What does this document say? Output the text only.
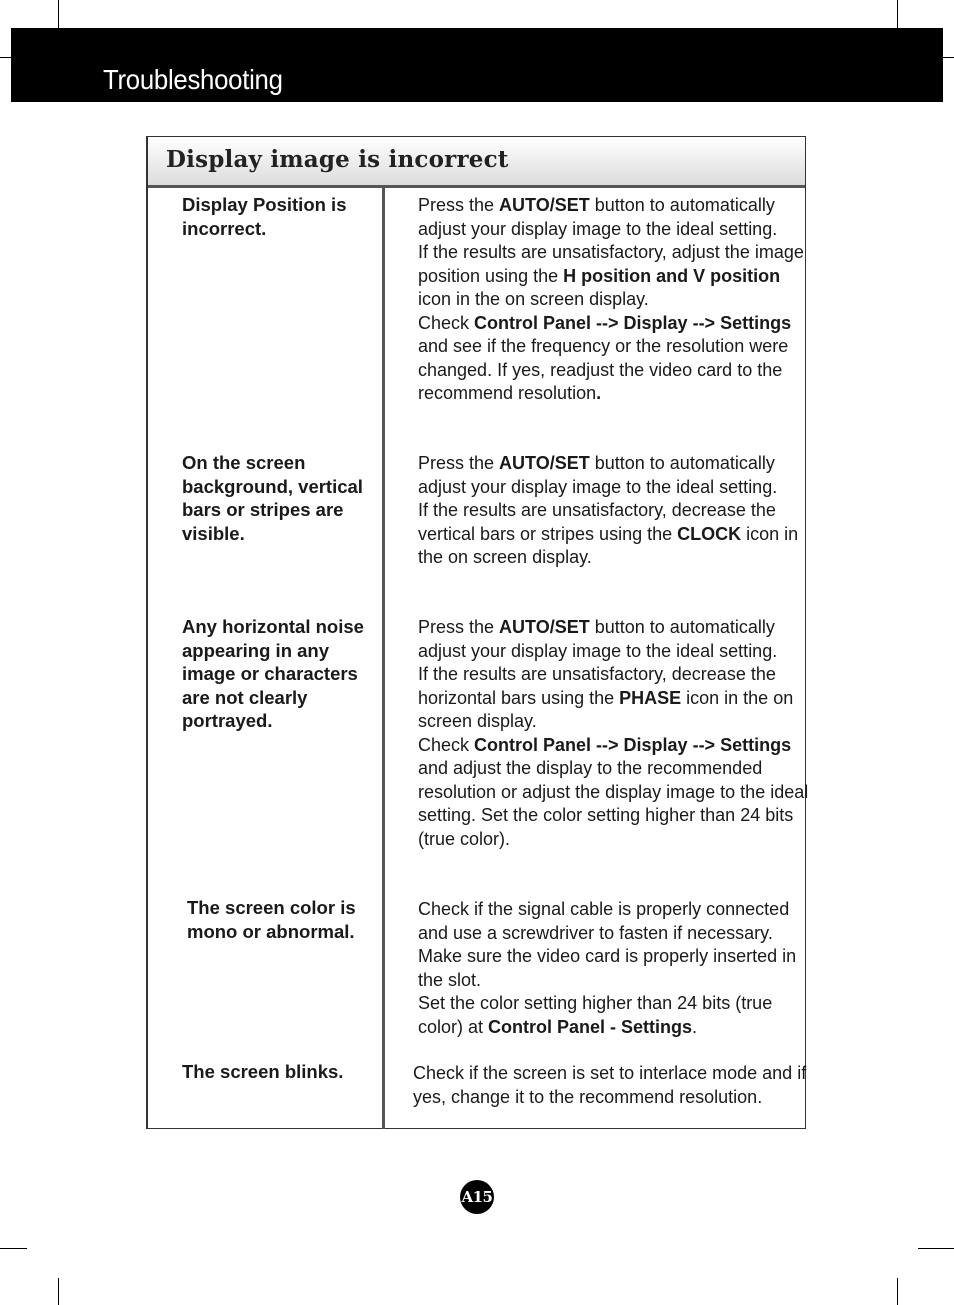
Troubleshooting
Display image is incorrect
Display Position is
incorrect.
On the screen
background, vertical
bars or stripes are
visible.
Any horizontal noise
appearing in any
image or characters
are not clearly
portrayed.
The screen color is
mono or abnormal.
The screen blinks.
Press the AUTO/SET button to automatically
adjust your display image to the ideal setting.
If the results are unsatisfactory, adjust the image
position using the H position and V position
icon in the on screen display.
Check Control Panel --> Display --> Settings
and see if the frequency or the resolution were
changed. If yes, readjust the video card to the
recommend resolution.
Press the AUTO/SET button to automatically
adjust your display image to the ideal setting.
If the results are unsatisfactory, decrease the
vertical bars or stripes using the CLOCK icon in
the on screen display.
Press the AUTO/SET button to automatically
adjust your display image to the ideal setting.
If the results are unsatisfactory, decrease the
horizontal bars using the PHASE icon in the on
screen display.
Check Control Panel --> Display --> Settings
and adjust the display to the recommended
resolution or adjust the display image to the ideal
setting. Set the color setting higher than 24 bits
(true color).
Check if the signal cable is properly connected
and use a screwdriver to fasten if necessary.
Make sure the video card is properly inserted in
the slot.
Set the color setting higher than 24 bits (true
color) at Control Panel - Settings.
Check if the screen is set to interlace mode and if
yes, change it to the recommend resolution.
A15
